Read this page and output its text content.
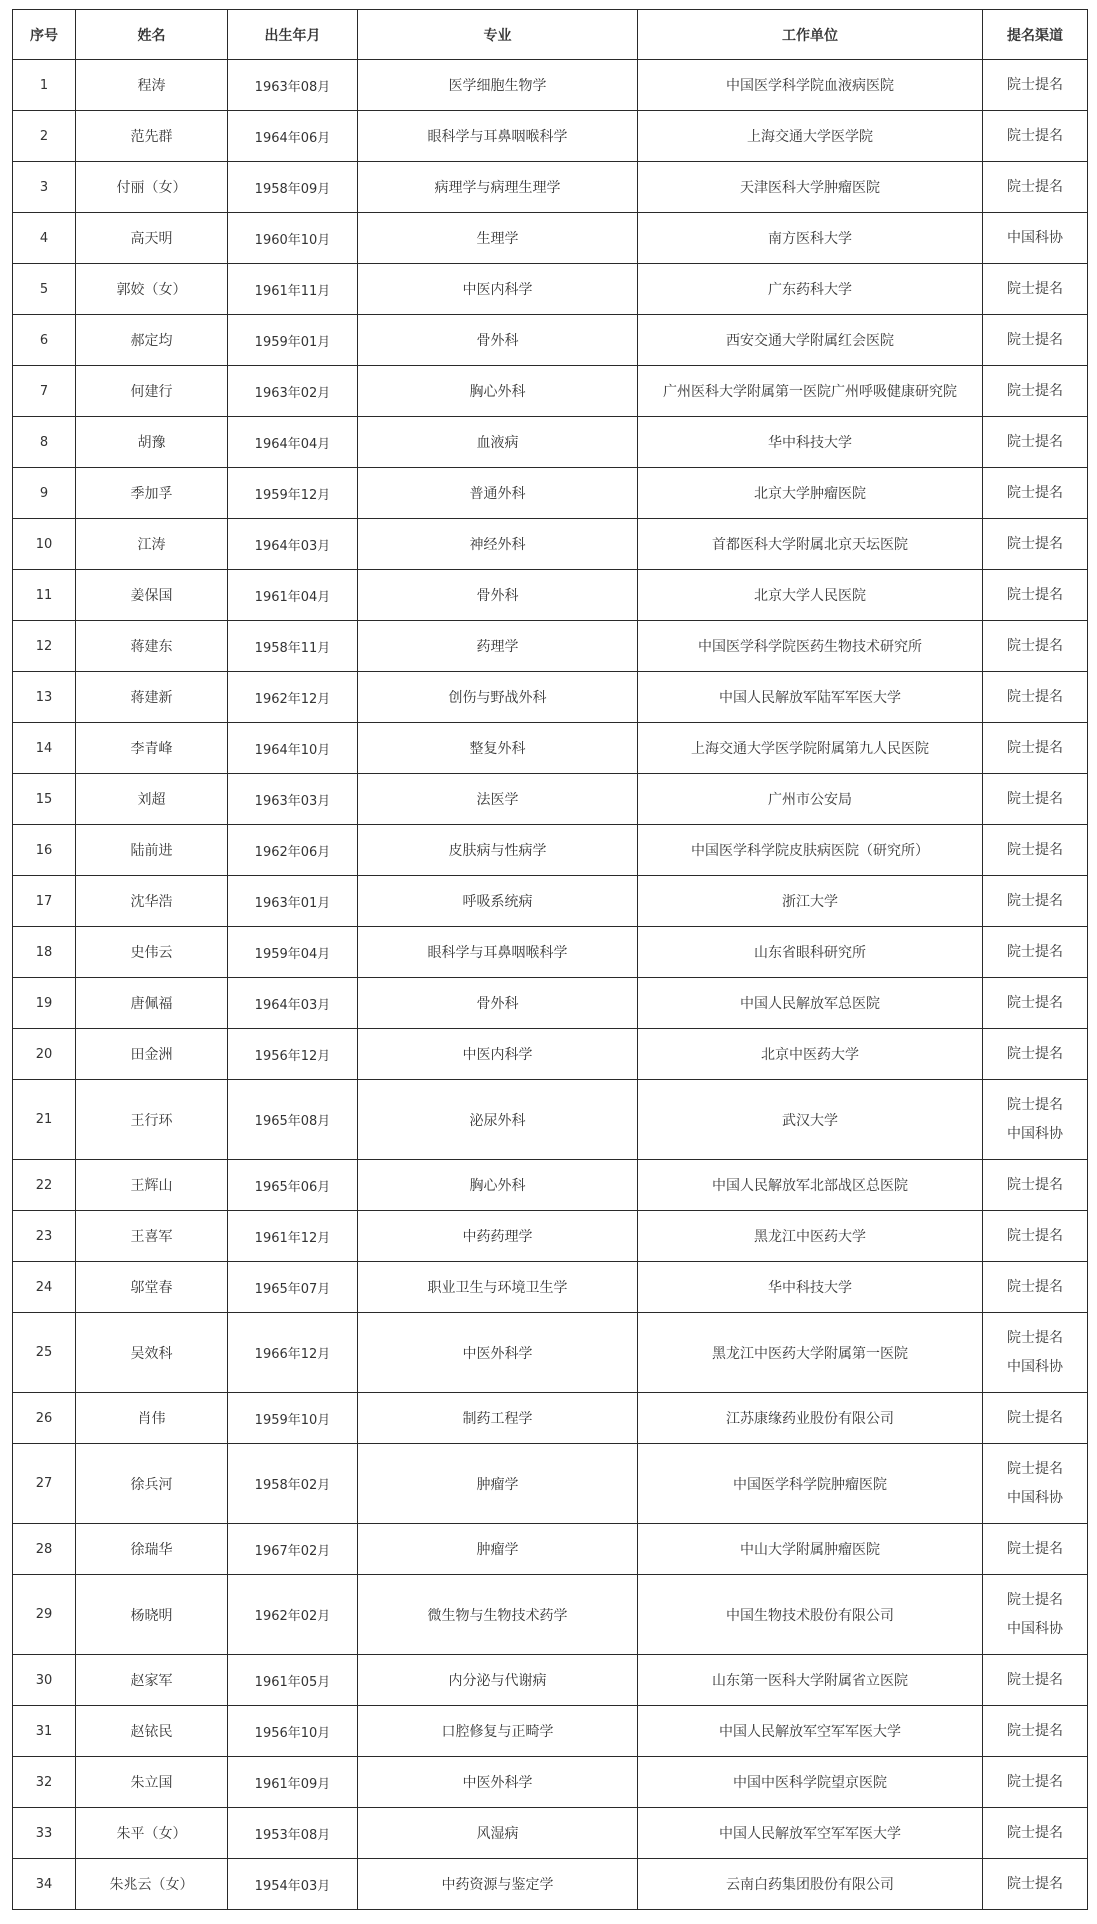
序号	姓名	出生年月	专业	工作单位	提名渠道
1	程涛	1963年08月	医学细胞生物学	中国医学科学院血液病医院	院士提名

2	范先群	1964年06月	眼科学与耳鼻咽喉科学	上海交通大学医学院	院士提名

3	付丽（女）	1958年09月	病理学与病理生理学	天津医科大学肿瘤医院	院士提名

4	高天明	1960年10月	生理学	南方医科大学	中国科协

5	郭姣（女）	1961年11月	中医内科学	广东药科大学	院士提名

6	郝定均	1959年01月	骨外科	西安交通大学附属红会医院	院士提名

7	何建行	1963年02月	胸心外科	广州医科大学附属第一医院广州呼吸健康研究院	院士提名

8	胡豫	1964年04月	血液病	华中科技大学	院士提名

9	季加孚	1959年12月	普通外科	北京大学肿瘤医院	院士提名

10	江涛	1964年03月	神经外科	首都医科大学附属北京天坛医院	院士提名

11	姜保国	1961年04月	骨外科	北京大学人民医院	院士提名

12	蒋建东	1958年11月	药理学	中国医学科学院医药生物技术研究所	院士提名

13	蒋建新	1962年12月	创伤与野战外科	中国人民解放军陆军军医大学	院士提名

14	李青峰	1964年10月	整复外科	上海交通大学医学院附属第九人民医院	院士提名

15	刘超	1963年03月	法医学	广州市公安局	院士提名

16	陆前进	1962年06月	皮肤病与性病学	中国医学科学院皮肤病医院（研究所）	院士提名

17	沈华浩	1963年01月	呼吸系统病	浙江大学	院士提名

18	史伟云	1959年04月	眼科学与耳鼻咽喉科学	山东省眼科研究所	院士提名

19	唐佩福	1964年03月	骨外科	中国人民解放军总医院	院士提名

20	田金洲	1956年12月	中医内科学	北京中医药大学	院士提名

21	王行环	1965年08月	泌尿外科	武汉大学	院士提名
中国科协

22	王辉山	1965年06月	胸心外科	中国人民解放军北部战区总医院	院士提名

23	王喜军	1961年12月	中药药理学	黑龙江中医药大学	院士提名

24	邬堂春	1965年07月	职业卫生与环境卫生学	华中科技大学	院士提名

25	吴效科	1966年12月	中医外科学	黑龙江中医药大学附属第一医院	院士提名
中国科协

26	肖伟	1959年10月	制药工程学	江苏康缘药业股份有限公司	院士提名

27	徐兵河	1958年02月	肿瘤学	中国医学科学院肿瘤医院	院士提名
中国科协

28	徐瑞华	1967年02月	肿瘤学	中山大学附属肿瘤医院	院士提名

29	杨晓明	1962年02月	微生物与生物技术药学	中国生物技术股份有限公司	院士提名
中国科协

30	赵家军	1961年05月	内分泌与代谢病	山东第一医科大学附属省立医院	院士提名

31	赵铱民	1956年10月	口腔修复与正畸学	中国人民解放军空军军医大学	院士提名

32	朱立国	1961年09月	中医外科学	中国中医科学院望京医院	院士提名

33	朱平（女）	1953年08月	风湿病	中国人民解放军空军军医大学	院士提名

34	朱兆云（女）	1954年03月	中药资源与鉴定学	云南白药集团股份有限公司	院士提名
